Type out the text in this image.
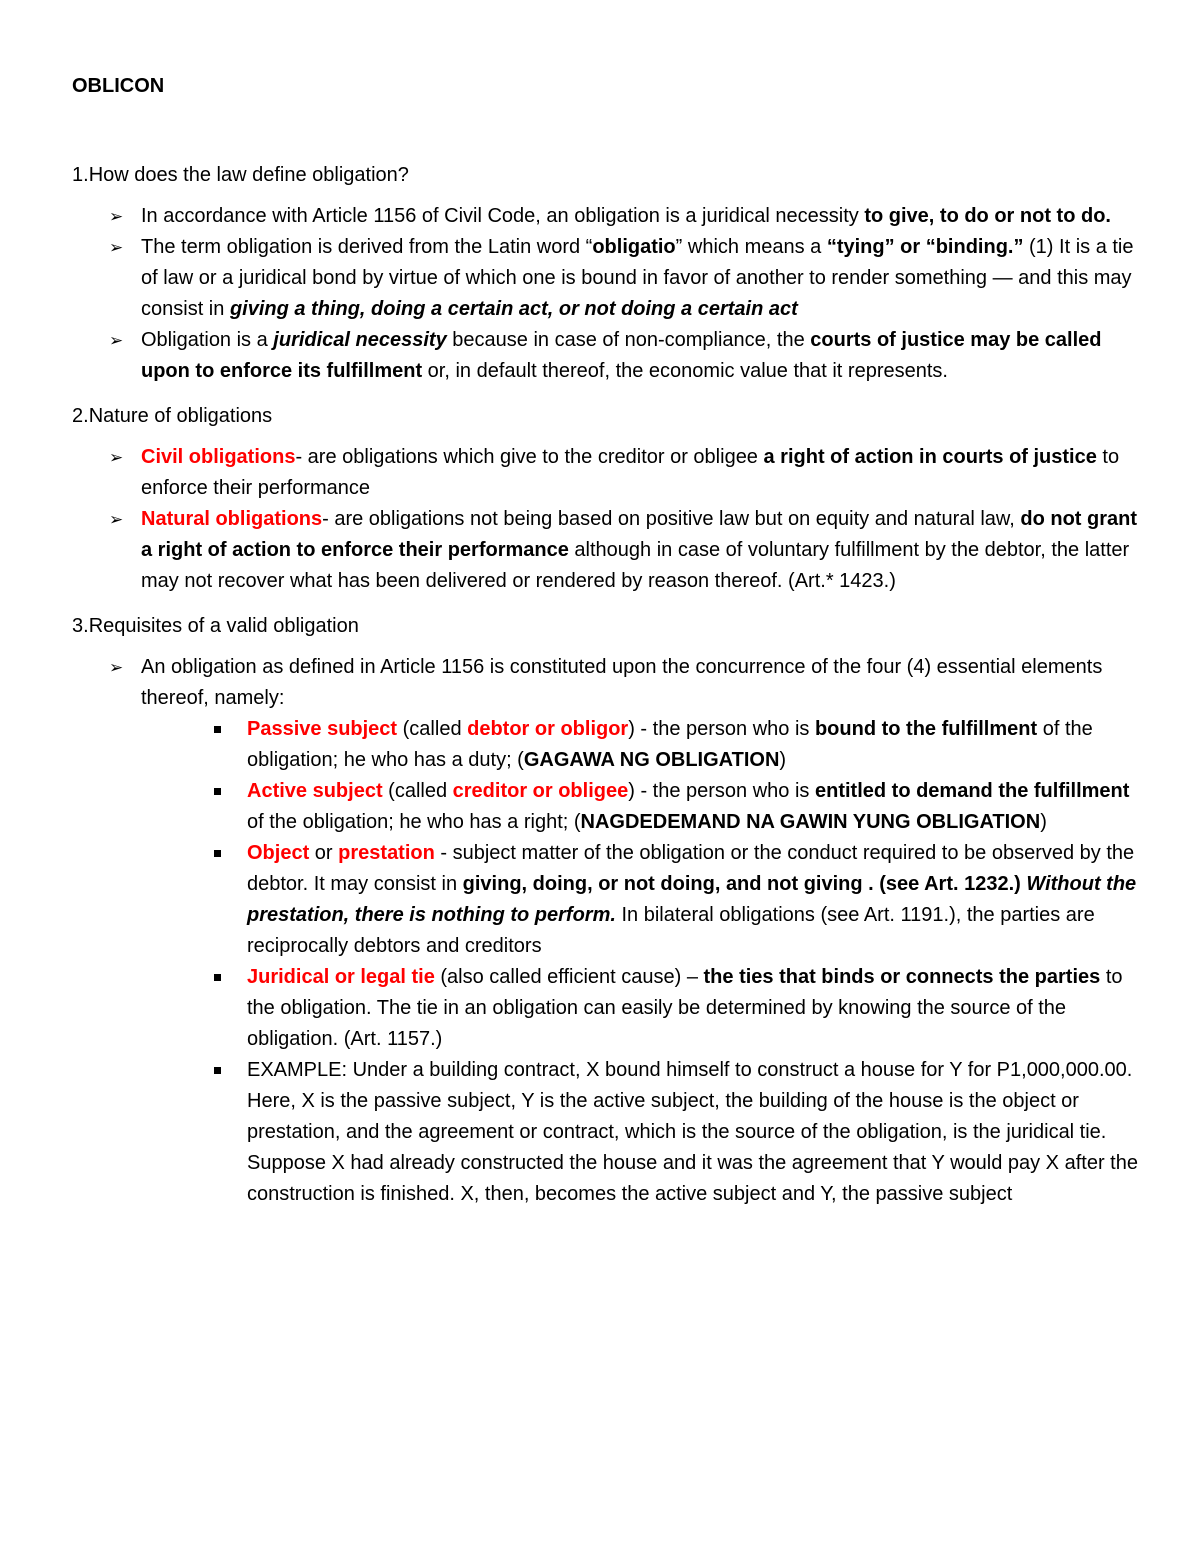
OBLICON
1.How does the law define obligation?

➢ In accordance with Article 1156 of Civil Code, an obligation is a juridical necessity to give, to do or not to do.

➢ The term obligation is derived from the Latin word “obligatio” which means a “tying” or “binding.” (1) It is a tie of law or a juridical bond by virtue of which one is bound in favor of another to render something — and this may consist in giving a thing, doing a certain act, or not doing a certain act

➢ Obligation is a juridical necessity because in case of non-compliance, the courts of justice may be called upon to enforce its fulfillment or, in default thereof, the economic value that it represents.

2.Nature of obligations

➢ Civil obligations- are obligations which give to the creditor or obligee a right of action in courts of justice to enforce their performance

➢ Natural obligations- are obligations not being based on positive law but on equity and natural law, do not grant a right of action to enforce their performance although in case of voluntary fulfillment by the debtor, the latter may not recover what has been delivered or rendered by reason thereof. (Art.* 1423.)

3.Requisites of a valid obligation

➢ An obligation as defined in Article 1156 is constituted upon the concurrence of the four (4) essential elements thereof, namely:

Passive subject (called debtor or obligor) - the person who is bound to the fulfillment of the obligation; he who has a duty; (GAGAWA NG OBLIGATION)

Active subject (called creditor or obligee) - the person who is entitled to demand the fulfillment of the obligation; he who has a right; (NAGDEDEMAND NA GAWIN YUNG OBLIGATION)

Object or prestation - subject matter of the obligation or the conduct required to be observed by the debtor. It may consist in giving, doing, or not doing, and not giving . (see Art. 1232.) Without the prestation, there is nothing to perform. In bilateral obligations (see Art. 1191.), the parties are reciprocally debtors and creditors

Juridical or legal tie (also called efficient cause) – the ties that binds or connects the parties to the obligation. The tie in an obligation can easily be determined by knowing the source of the obligation. (Art. 1157.)

EXAMPLE: Under a building contract, X bound himself to construct a house for Y for P1,000,000.00. Here, X is the passive subject, Y is the active subject, the building of the house is the object or prestation, and the agreement or contract, which is the source of the obligation, is the juridical tie. Suppose X had already constructed the house and it was the agreement that Y would pay X after the construction is finished. X, then, becomes the active subject and Y, the passive subject
